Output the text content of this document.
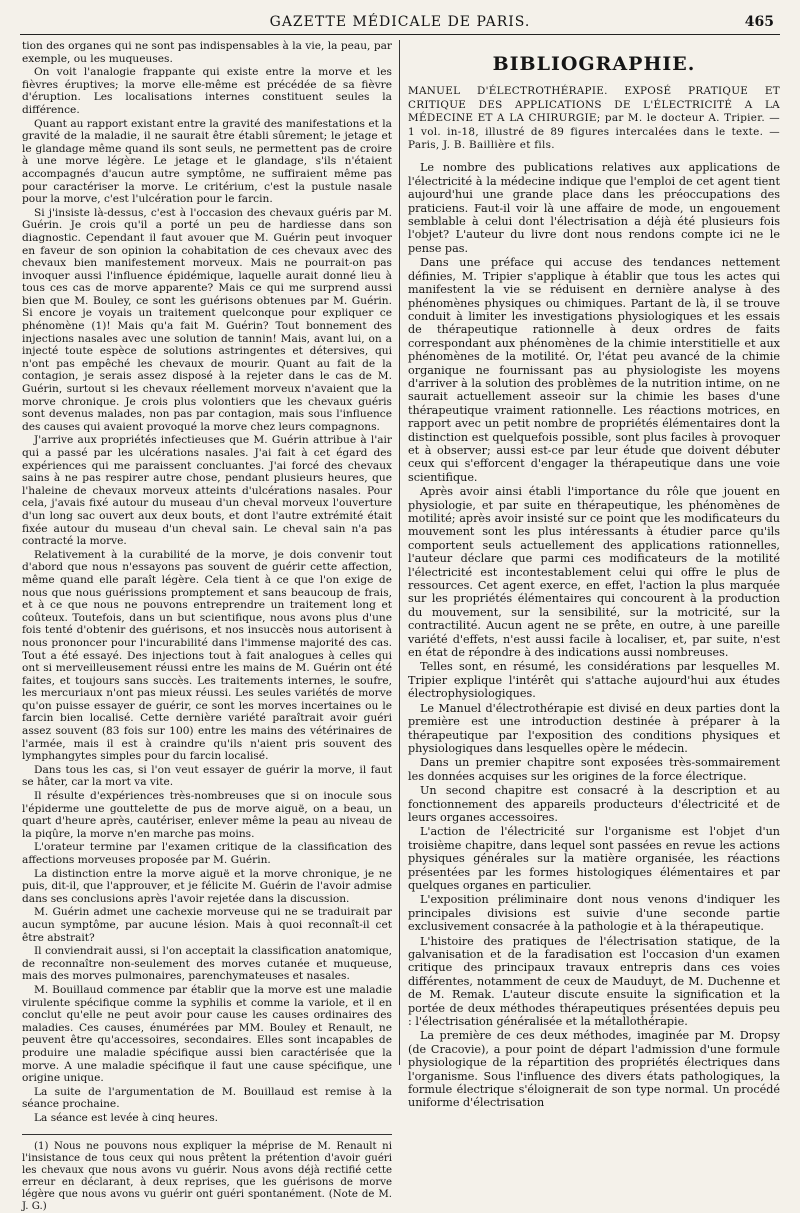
GAZETTE MÉDICALE DE PARIS.	465

tion des organes qui ne sont pas indispensables à la vie, la peau, par exemple, ou les muqueuses.

On voit l'analogie frappante qui existe entre la morve et les fièvres éruptives; la morve elle-même est précédée de sa fièvre d'éruption. Les localisations internes constituent seules la différence.

Quant au rapport existant entre la gravité des manifestations et la gravité de la maladie, il ne saurait être établi sûrement; le jetage et le glandage même quand ils sont seuls, ne permettent pas de croire à une morve légère. Le jetage et le glandage, s'ils n'étaient accompagnés d'aucun autre symptôme, ne suffiraient même pas pour caractériser la morve. Le critérium, c'est la pustule nasale pour la morve, c'est l'ulcération pour le farcin.

Si j'insiste là-dessus, c'est à l'occasion des chevaux guéris par M. Guérin. Je crois qu'il a porté un peu de hardiesse dans son diagnostic. Cependant il faut avouer que M. Guérin peut invoquer en faveur de son opinion la cohabitation de ces chevaux avec des chevaux bien manifestement morveux. Mais ne pourrait-on pas invoquer aussi l'influence épidémique, laquelle aurait donné lieu à tous ces cas de morve apparente? Mais ce qui me surprend aussi bien que M. Bouley, ce sont les guérisons obtenues par M. Guérin. Si encore je voyais un traitement quelconque pour expliquer ce phénomène (1)! Mais qu'a fait M. Guérin? Tout bonnement des injections nasales avec une solution de tannin! Mais, avant lui, on a injecté toute espèce de solutions astringentes et détersives, qui n'ont pas empêché les chevaux de mourir. Quant au fait de la contagion, je serais assez disposé à la rejeter dans le cas de M. Guérin, surtout si les chevaux réellement morveux n'avaient que la morve chronique. Je crois plus volontiers que les chevaux guéris sont devenus malades, non pas par contagion, mais sous l'influence des causes qui avaient provoqué la morve chez leurs compagnons.

J'arrive aux propriétés infectieuses que M. Guérin attribue à l'air qui a passé par les ulcérations nasales. J'ai fait à cet égard des expériences qui me paraissent concluantes. J'ai forcé des chevaux sains à ne pas respirer autre chose, pendant plusieurs heures, que l'haleine de chevaux morveux atteints d'ulcérations nasales. Pour cela, j'avais fixé autour du museau d'un cheval morveux l'ouverture d'un long sac ouvert aux deux bouts, et dont l'autre extrémité était fixée autour du museau d'un cheval sain. Le cheval sain n'a pas contracté la morve.

Relativement à la curabilité de la morve, je dois convenir tout d'abord que nous n'essayons pas souvent de guérir cette affection, même quand elle paraît légère. Cela tient à ce que l'on exige de nous que nous guérissions promptement et sans beaucoup de frais, et à ce que nous ne pouvons entreprendre un traitement long et coûteux. Toutefois, dans un but scientifique, nous avons plus d'une fois tenté d'obtenir des guérisons, et nos insuccès nous autorisent à nous prononcer pour l'incurabilité dans l'immense majorité des cas. Tout a été essayé. Des injections tout à fait analogues à celles qui ont si merveilleusement réussi entre les mains de M. Guérin ont été faites, et toujours sans succès. Les traitements internes, le soufre, les mercuriaux n'ont pas mieux réussi. Les seules variétés de morve qu'on puisse essayer de guérir, ce sont les morves incertaines ou le farcin bien localisé. Cette dernière variété paraîtrait avoir guéri assez souvent (83 fois sur 100) entre les mains des vétérinaires de l'armée, mais il est à craindre qu'ils n'aient pris souvent des lymphangytes simples pour du farcin localisé.

Dans tous les cas, si l'on veut essayer de guérir la morve, il faut se hâter, car la mort va vite.

Il résulte d'expériences très-nombreuses que si on inocule sous l'épiderme une gouttelette de pus de morve aiguë, on a beau, un quart d'heure après, cautériser, enlever même la peau au niveau de la piqûre, la morve n'en marche pas moins.

L'orateur termine par l'examen critique de la classification des affections morveuses proposée par M. Guérin.

La distinction entre la morve aiguë et la morve chronique, je ne puis, dit-il, que l'approuver, et je félicite M. Guérin de l'avoir admise dans ses conclusions après l'avoir rejetée dans la discussion.

M. Guérin admet une cachexie morveuse qui ne se traduirait par aucun symptôme, par aucune lésion. Mais à quoi reconnaît-il cet être abstrait?

Il conviendrait aussi, si l'on acceptait la classification anatomique, de reconnaître non-seulement des morves cutanée et muqueuse, mais des morves pulmonaires, parenchymateuses et nasales.

M. Bouillaud commence par établir que la morve est une maladie virulente spécifique comme la syphilis et comme la variole, et il en conclut qu'elle ne peut avoir pour cause les causes ordinaires des maladies. Ces causes, énumérées par MM. Bouley et Renault, ne peuvent être qu'accessoires, secondaires. Elles sont incapables de produire une maladie spécifique aussi bien caractérisée que la morve. A une maladie spécifique il faut une cause spécifique, une origine unique.

La suite de l'argumentation de M. Bouillaud est remise à la séance prochaine.

La séance est levée à cinq heures.

(1) Nous ne pouvons nous expliquer la méprise de M. Renault ni l'insistance de tous ceux qui nous prêtent la prétention d'avoir guéri les chevaux que nous avons vu guérir. Nous avons déjà rectifié cette erreur en déclarant, à deux reprises, que les guérisons de morve légère que nous avons vu guérir ont guéri spontanément. (Note de M. J. G.)

BIBLIOGRAPHIE.

MANUEL D'ÉLECTROTHÉRAPIE. EXPOSÉ PRATIQUE ET CRITIQUE DES APPLICATIONS DE L'ÉLECTRICITÉ A LA MÉDECINE ET A LA CHIRURGIE; par M. le docteur A. Tripier. — 1 vol. in-18, illustré de 89 figures intercalées dans le texte. — Paris, J. B. Baillière et fils.

Le nombre des publications relatives aux applications de l'électricité à la médecine indique que l'emploi de cet agent tient aujourd'hui une grande place dans les préoccupations des praticiens. Faut-il voir là une affaire de mode, un engouement semblable à celui dont l'électrisation a déjà été plusieurs fois l'objet? L'auteur du livre dont nous rendons compte ici ne le pense pas.

Dans une préface qui accuse des tendances nettement définies, M. Tripier s'applique à établir que tous les actes qui manifestent la vie se réduisent en dernière analyse à des phénomènes physiques ou chimiques. Partant de là, il se trouve conduit à limiter les investigations physiologiques et les essais de thérapeutique rationnelle à deux ordres de faits correspondant aux phénomènes de la chimie interstitielle et aux phénomènes de la motilité. Or, l'état peu avancé de la chimie organique ne fournissant pas au physiologiste les moyens d'arriver à la solution des problèmes de la nutrition intime, on ne saurait actuellement asseoir sur la chimie les bases d'une thérapeutique vraiment rationnelle. Les réactions motrices, en rapport avec un petit nombre de propriétés élémentaires dont la distinction est quelquefois possible, sont plus faciles à provoquer et à observer; aussi est-ce par leur étude que doivent débuter ceux qui s'efforcent d'engager la thérapeutique dans une voie scientifique.

Après avoir ainsi établi l'importance du rôle que jouent en physiologie, et par suite en thérapeutique, les phénomènes de motilité; après avoir insisté sur ce point que les modificateurs du mouvement sont les plus intéressants à étudier parce qu'ils comportent seuls actuellement des applications rationnelles, l'auteur déclare que parmi ces modificateurs de la motilité l'électricité est incontestablement celui qui offre le plus de ressources. Cet agent exerce, en effet, l'action la plus marquée sur les propriétés élémentaires qui concourent à la production du mouvement, sur la sensibilité, sur la motricité, sur la contractilité. Aucun agent ne se prête, en outre, à une pareille variété d'effets, n'est aussi facile à localiser, et, par suite, n'est en état de répondre à des indications aussi nombreuses.

Telles sont, en résumé, les considérations par lesquelles M. Tripier explique l'intérêt qui s'attache aujourd'hui aux études électrophysiologiques.

Le Manuel d'électrothérapie est divisé en deux parties dont la première est une introduction destinée à préparer à la thérapeutique par l'exposition des conditions physiques et physiologiques dans lesquelles opère le médecin.

Dans un premier chapitre sont exposées très-sommairement les données acquises sur les origines de la force électrique.

Un second chapitre est consacré à la description et au fonctionnement des appareils producteurs d'électricité et de leurs organes accessoires.

L'action de l'électricité sur l'organisme est l'objet d'un troisième chapitre, dans lequel sont passées en revue les actions physiques générales sur la matière organisée, les réactions présentées par les formes histologiques élémentaires et par quelques organes en particulier.

L'exposition préliminaire dont nous venons d'indiquer les principales divisions est suivie d'une seconde partie exclusivement consacrée à la pathologie et à la thérapeutique.

L'histoire des pratiques de l'électrisation statique, de la galvanisation et de la faradisation est l'occasion d'un examen critique des principaux travaux entrepris dans ces voies différentes, notamment de ceux de Mauduyt, de M. Duchenne et de M. Remak. L'auteur discute ensuite la signification et la portée de deux méthodes thérapeutiques présentées depuis peu : l'électrisation généralisée et la métallothérapie.

La première de ces deux méthodes, imaginée par M. Dropsy (de Cracovie), a pour point de départ l'admission d'une formule physiologique de la répartition des propriétés électriques dans l'organisme. Sous l'influence des divers états pathologiques, la formule électrique s'éloignerait de son type normal. Un procédé uniforme d'électrisation
